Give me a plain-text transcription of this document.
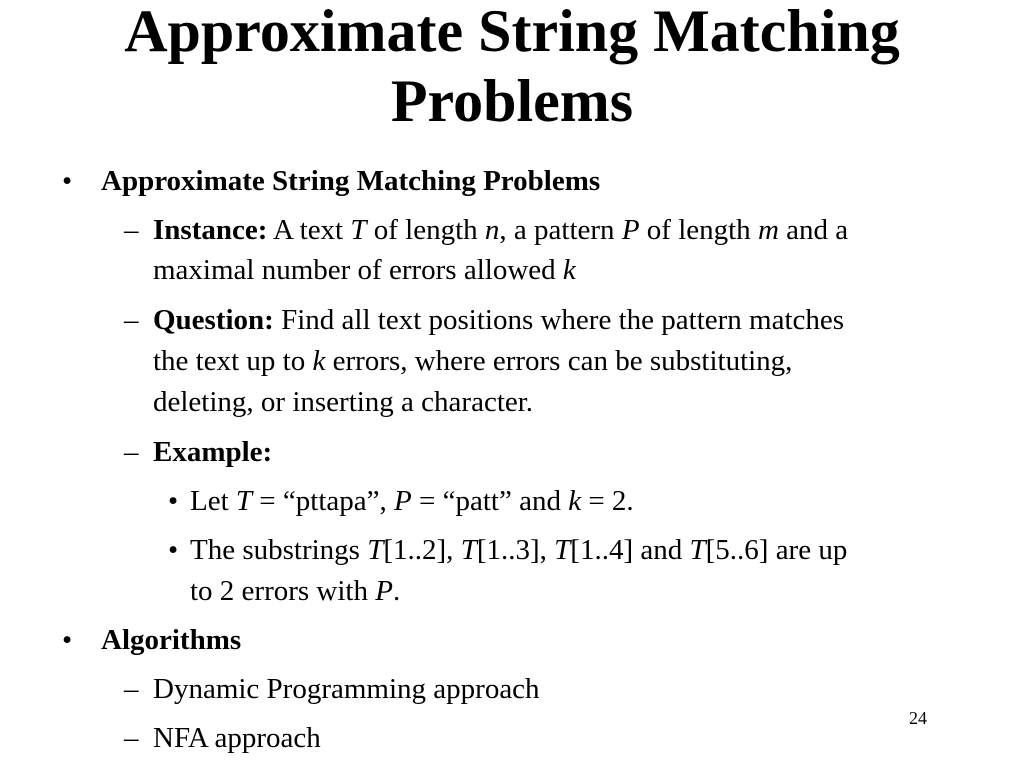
Approximate String Matching
Problems
• Approximate String Matching Problems
– Instance: A text T of length n, a pattern P of length m and a
maximal number of errors allowed k
– Question: Find all text positions where the pattern matches
the text up to k errors, where errors can be substituting,
deleting, or inserting a character.
– Example:
• Let T = “pttapa”, P = “patt” and k = 2.
• The substrings T[1..2], T[1..3], T[1..4] and T[5..6] are up
to 2 errors with P.
• Algorithms
– Dynamic Programming approach
– NFA approach
24
